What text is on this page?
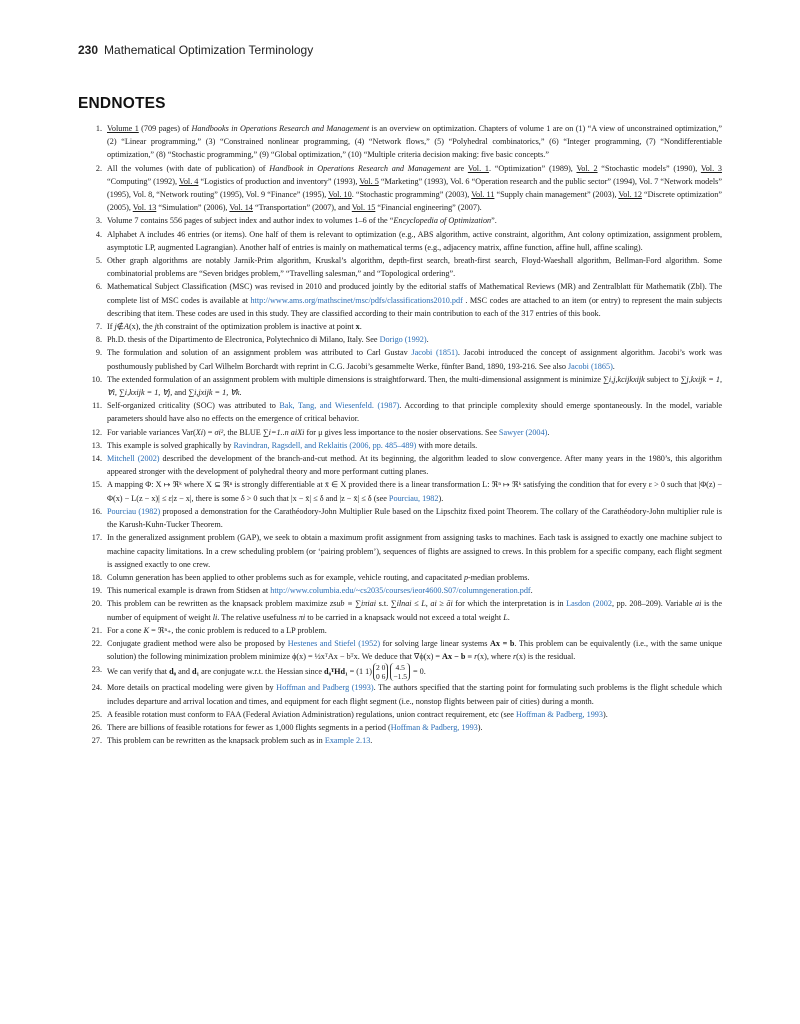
230 Mathematical Optimization Terminology
ENDNOTES
1. Volume 1 (709 pages) of Handbooks in Operations Research and Management is an overview on optimization. Chapters of volume 1 are on (1) “A view of unconstrained optimization,” (2) “Linear programming,” (3) “Constrained nonlinear programming, (4) “Network flows,” (5) “Polyhedral combinatorics,” (6) “Integer programming, (7) “Nondifferentiable optimization,” (8) “Stochastic programming,” (9) “Global optimization,” (10) “Multiple criteria decision making: five basic concepts.”
2. All the volumes (with date of publication) of Handbook in Operations Research and Management are Vol. 1. “Optimization” (1989), Vol. 2 “Stochastic models” (1990), Vol. 3 “Computing” (1992), Vol. 4 “Logistics of production and inventory” (1993), Vol. 5 “Marketing” (1993), Vol. 6 “Operation research and the public sector” (1994), Vol. 7 “Network models” (1995), Vol. 8, “Network routing” (1995), Vol. 9 “Finance” (1995), Vol. 10. “Stochastic programming” (2003), Vol. 11 “Supply chain management” (2003), Vol. 12 “Discrete optimization” (2005), Vol. 13 “Simulation” (2006), Vol. 14 “Transportation” (2007), and Vol. 15 “Financial engineering” (2007).
3. Volume 7 contains 556 pages of subject index and author index to volumes 1–6 of the “Encyclopedia of Optimization”.
4. Alphabet A includes 46 entries (or items). One half of them is relevant to optimization (e.g., ABS algorithm, active constraint, algorithm, Ant colony optimization, assignment problem, asymptotic LP, augmented Lagrangian). Another half of entries is mainly on mathematical terms (e.g., adjacency matrix, affine function, affine hull, affine scaling).
5. Other graph algorithms are notably Jarnik-Prim algorithm, Kruskal’s algorithm, depth-first search, breath-first search, Floyd-Waeshall algorithm, Bellman-Ford algorithm. Some combinatorial problems are “Seven bridges problem,” “Travelling salesman,” and “Topological ordering”.
6. Mathematical Subject Classification (MSC) was revised in 2010 and produced jointly by the editorial staffs of Mathematical Reviews (MR) and Zentralblatt für Mathematik (Zbl). The complete list of MSC codes is available at http://www.ams.org/mathscinet/msc/pdfs/classifications2010.pdf . MSC codes are attached to an item (or entry) to represent the main subjects describing that item. These codes are used in this study. They are classified according to their main contribution to each of the 317 entries of this book.
7. If j∉A(x), the jth constraint of the optimization problem is inactive at point x.
8. Ph.D. thesis of the Dipartimento de Electronica, Polytechnico di Milano, Italy. See Dorigo (1992).
9. The formulation and solution of an assignment problem was attributed to Carl Gustav Jacobi (1851). Jacobi introduced the concept of assignment algorithm. Jacobi’s work was posthumously published by Carl Wilhelm Borchardt with reprint in C.G. Jacobi’s gesammelte Werke, fünfter Band, 1890, 193-216. See also Jacobi (1865).
10. The extended formulation of an assignment problem with multiple dimensions is straightforward. Then, the multi-dimensional assignment is minimize ∑i,j,kcijkxijk subject to ∑j,kxijk = 1, ∀i, ∑i,kxijk = 1, ∀j, and ∑i,jxijk = 1, ∀k.
11. Self-organized criticality (SOC) was attributed to Bak, Tang, and Wiesenfeld. (1987). According to that principle complexity should emerge spontaneously. In the model, variable parameters should have also no effects on the emergence of critical behavior.
12. For variable variances Var(Xi) = σi², the BLUE ∑i=1..n aiXi for μ gives less importance to the nosier observations. See Sawyer (2004).
13. This example is solved graphically by Ravindran, Ragsdell, and Reklaitis (2006, pp. 485–489) with more details.
14. Mitchell (2002) described the development of the branch-and-cut method. At its beginning, the algorithm leaded to slow convergence. After many years in the 1980’s, this algorithm appeared stronger with the development of polyhedral theory and more performant cutting planes.
15. A mapping Φ: X ↦ ℜᵏ where X ⊆ ℜⁿ is strongly differentiable at x̄ ∈ X provided there is a linear transformation L: ℜⁿ ↦ ℜᵏ satisfying the condition that for every ε > 0 such that |Φ(z) − Φ(x) − L(z − x)| ≤ ε|z − x|, there is some δ > 0 such that |x − x̄| ≤ δ and |z − x̄| ≤ δ (see Pourciau, 1982).
16. Pourciau (1982) proposed a demonstration for the Carathéodory-John Multiplier Rule based on the Lipschitz fixed point Theorem. The collary of the Carathéodory-John multiplier rule is the Karush-Kuhn-Tucker Theorem.
17. In the generalized assignment problem (GAP), we seek to obtain a maximum profit assignment from assigning tasks to machines. Each task is assigned to exactly one machine subject to machine capacity limitations. In a crew scheduling problem (or ‘pairing problem’), sequences of flights are assigned to crews. In this problem for a specific company, each flight segment is assigned exactly to one crew.
18. Column generation has been applied to other problems such as for example, vehicle routing, and capacitated p-median problems.
19. This numerical example is drawn from Stidsen at http://www.columbia.edu/~cs2035/courses/ieor4600.S07/columngeneration.pdf.
20. This problem can be rewritten as the knapsack problem maximize zsub ≡ ∑iπiai s.t. ∑ilnai ≤ L, ai ≥ āi for which the interpretation is in Lasdon (2002, pp. 208–209). Variable ai is the number of equipment of weight li. The relative usefulness πi to be carried in a knapsack would not exceed a total weight L.
21. For a cone K = ℜⁿ₊, the conic problem is reduced to a LP problem.
22. Conjugate gradient method were also be proposed by Hestenes and Stiefel (1952) for solving large linear systems Ax = b. This problem can be equivalently (i.e., with the same unique solution) the following minimization problem minimize ϕ(x) = ½xᵀAx − bᵀx. We deduce that ∇ϕ(x) = Ax − b ≡ r(x), where r(x) is the residual.
23. We can verify that d₀ and d₁ are conjugate w.r.t. the Hessian since d₀ᵀHd₁ = (1 1) 2 0
0 64.5
−1.5 = 0.
24. More details on practical modeling were given by Hoffman and Padberg (1993). The authors specified that the starting point for formulating such problems is the flight schedule which includes departure and arrival location and times, and equipment for each flight segment (i.e., nonstop flights between pair of cities) during a month.
25. A feasible rotation must conform to FAA (Federal Aviation Administration) regulations, union contract requirement, etc (see Hoffman & Padberg, 1993).
26. There are billions of feasible rotations for fewer as 1,000 flights segments in a period (Hoffman & Padberg, 1993).
27. This problem can be rewritten as the knapsack problem such as in Example 2.13.
